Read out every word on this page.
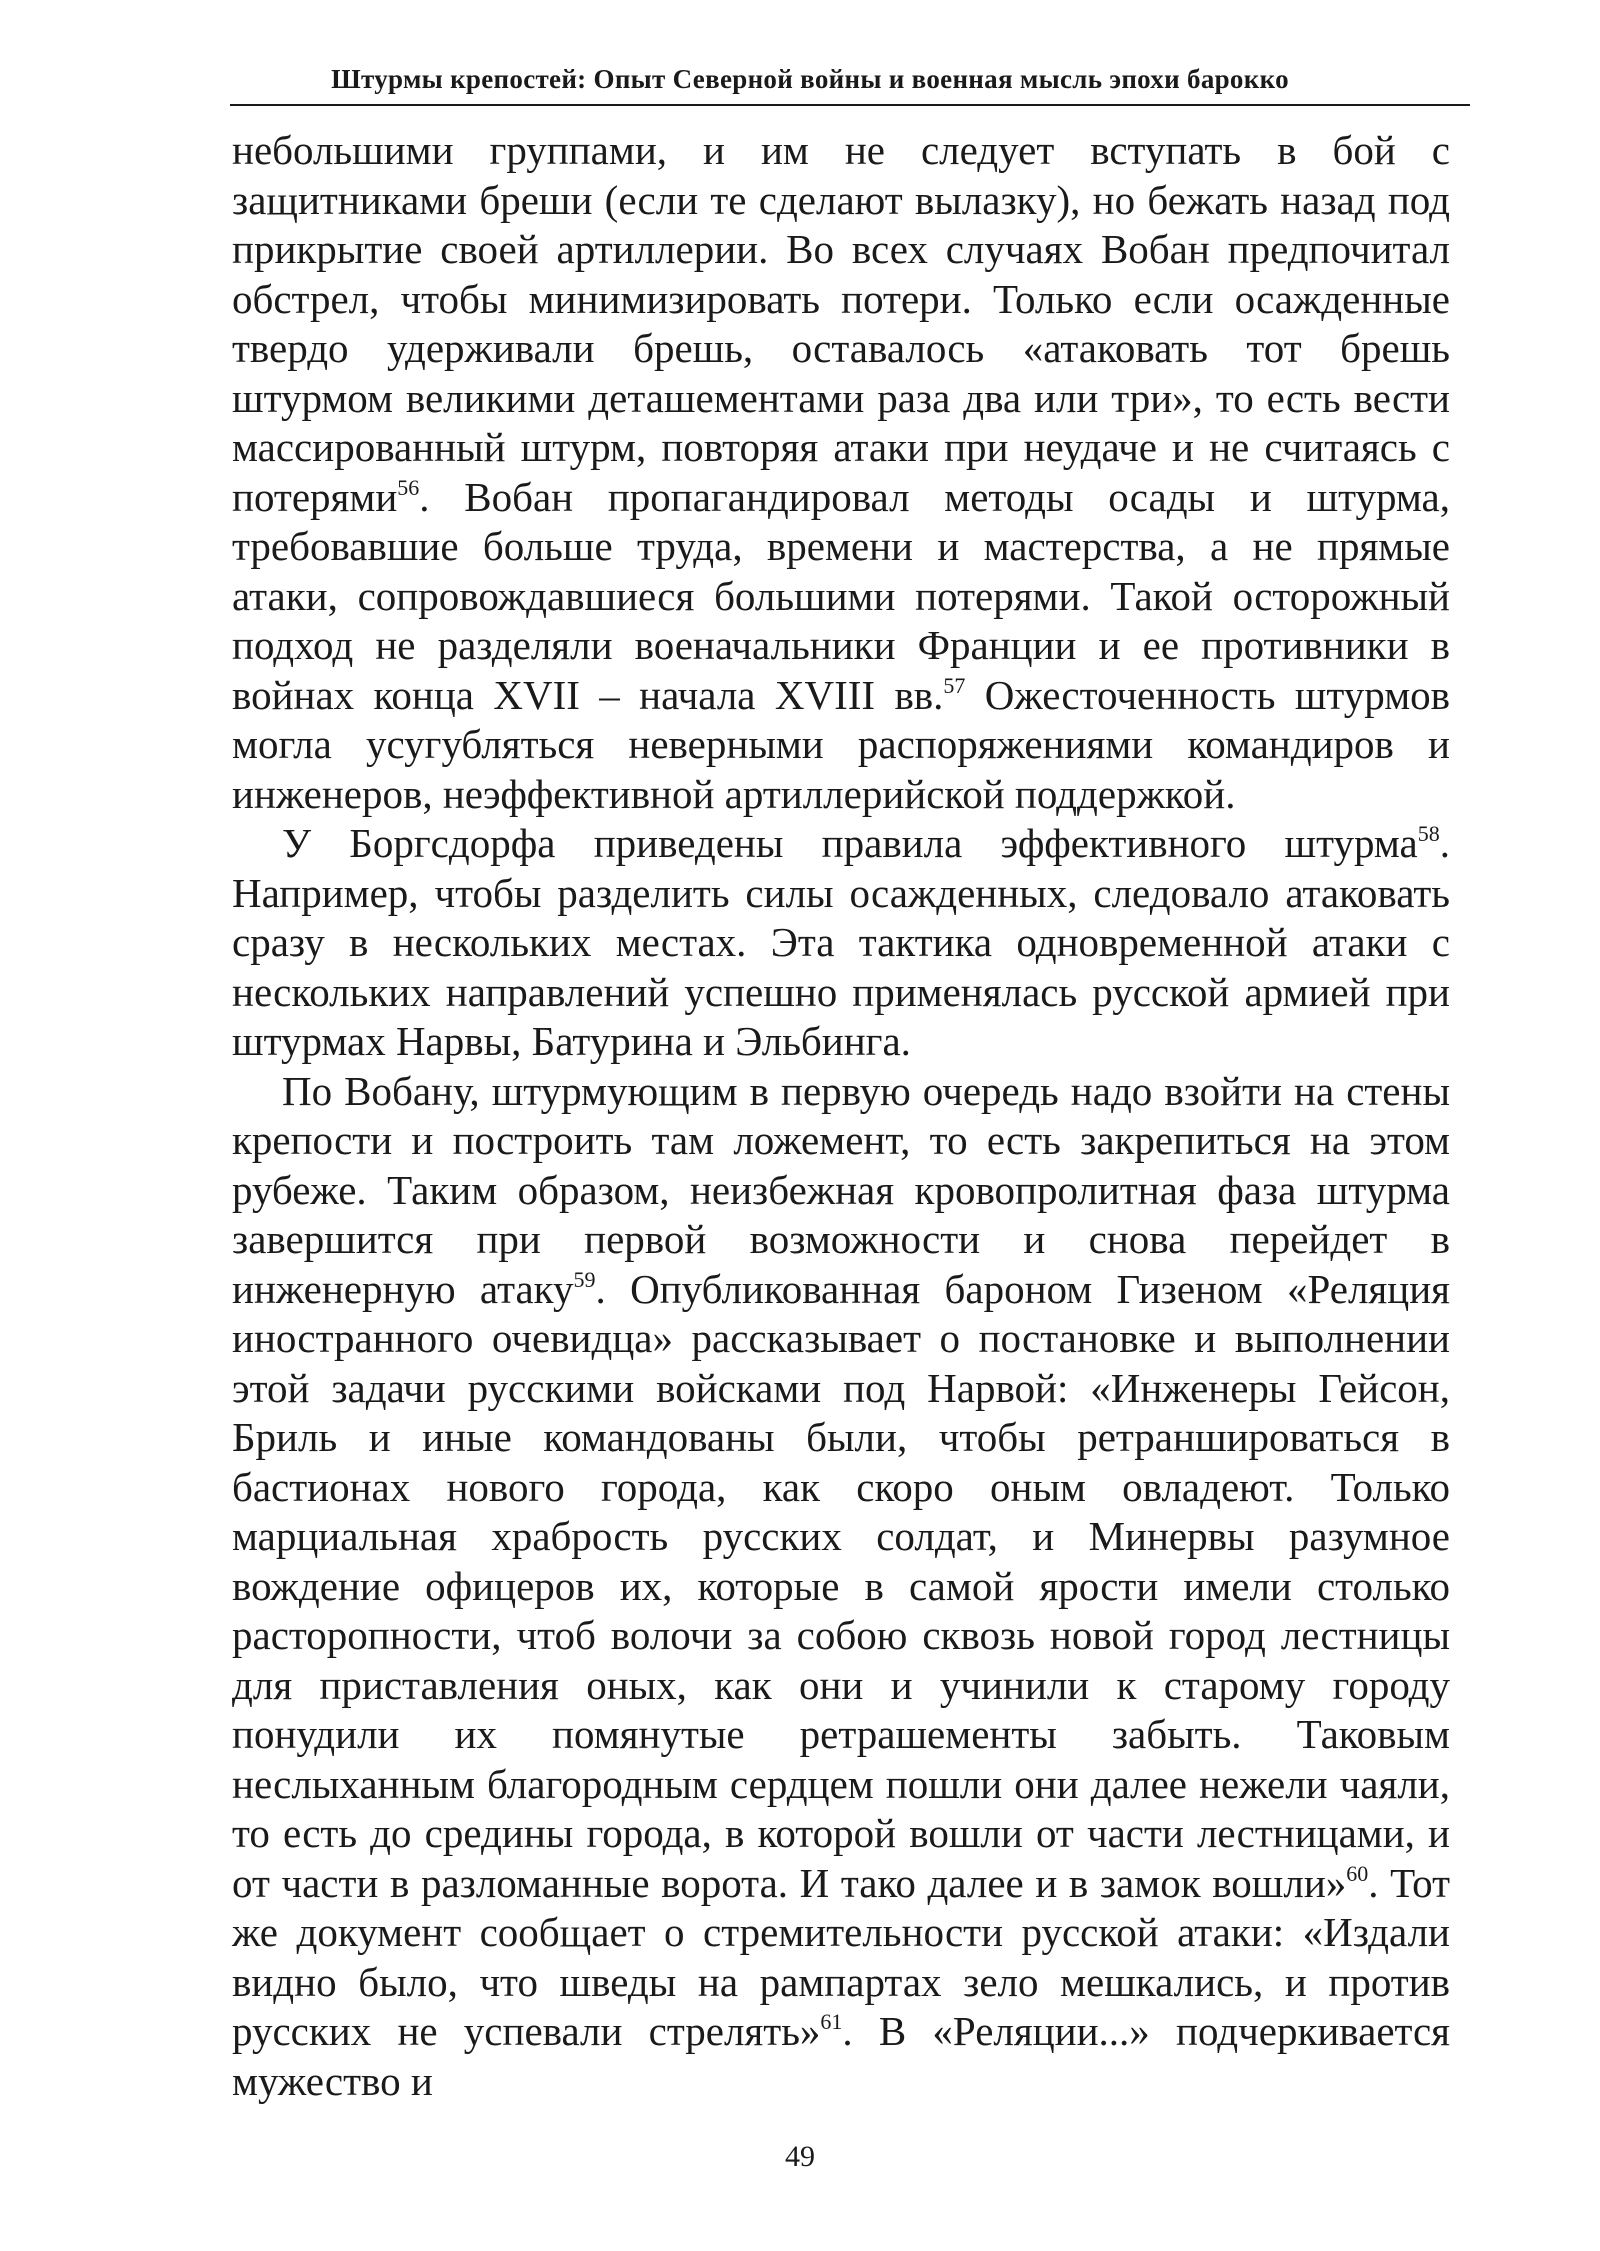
Штурмы крепостей: Опыт Северной войны и военная мысль эпохи барокко

небольшими группами, и им не следует вступать в бой с защитниками бреши (если те сделают вылазку), но бежать назад под прикрытие своей артиллерии. Во всех случаях Вобан предпочитал обстрел, чтобы минимизировать потери. Только если осажденные твердо удерживали брешь, оставалось «атаковать тот брешь штурмом великими деташементами раза два или три», то есть вести массированный штурм, повторяя атаки при неудаче и не считаясь с потерями$^{56}$. Вобан пропагандировал методы осады и штурма, требовавшие больше труда, времени и мастерства, а не прямые атаки, сопровождавшиеся большими потерями. Такой осторожный подход не разделяли военачальники Франции и ее противники в войнах конца XVII – начала XVIII вв.$^{57}$ Ожесточенность штурмов могла усугубляться неверными распоряжениями командиров и инженеров, неэффективной артиллерийской поддержкой.

У Боргсдорфа приведены правила эффективного штурма$^{58}$. Например, чтобы разделить силы осажденных, следовало атаковать сразу в нескольких местах. Эта тактика одновременной атаки с нескольких направлений успешно применялась русской армией при штурмах Нарвы, Батурина и Эльбинга.

По Вобану, штурмующим в первую очередь надо взойти на стены крепости и построить там ложемент, то есть закрепиться на этом рубеже. Таким образом, неизбежная кровопролитная фаза штурма завершится при первой возможности и снова перейдет в инженерную атаку$^{59}$. Опубликованная бароном Гизеном «Реляция иностранного очевидца» рассказывает о постановке и выполнении этой задачи русскими войсками под Нарвой: «Инженеры Гейсон, Бриль и иные командованы были, чтобы ретраншироваться в бастионах нового города, как скоро оным овладеют. Только марциальная храбрость русских солдат, и Минервы разумное вождение офицеров их, которые в самой ярости имели столько расторопности, чтоб волочи за собою сквозь новой город лестницы для приставления оных, как они и учинили к старому городу понудили их помянутые ретрашементы забыть. Таковым неслыханным благородным сердцем пошли они далее нежели чаяли, то есть до средины города, в которой вошли от части лестницами, и от части в разломанные ворота. И тако далее и в замок вошли»$^{60}$. Тот же документ сообщает о стремительности русской атаки: «Издали видно было, что шведы на рампартах зело мешкались, и против русских не успевали стрелять»$^{61}$. В «Реляции...» подчеркивается мужество и

49
